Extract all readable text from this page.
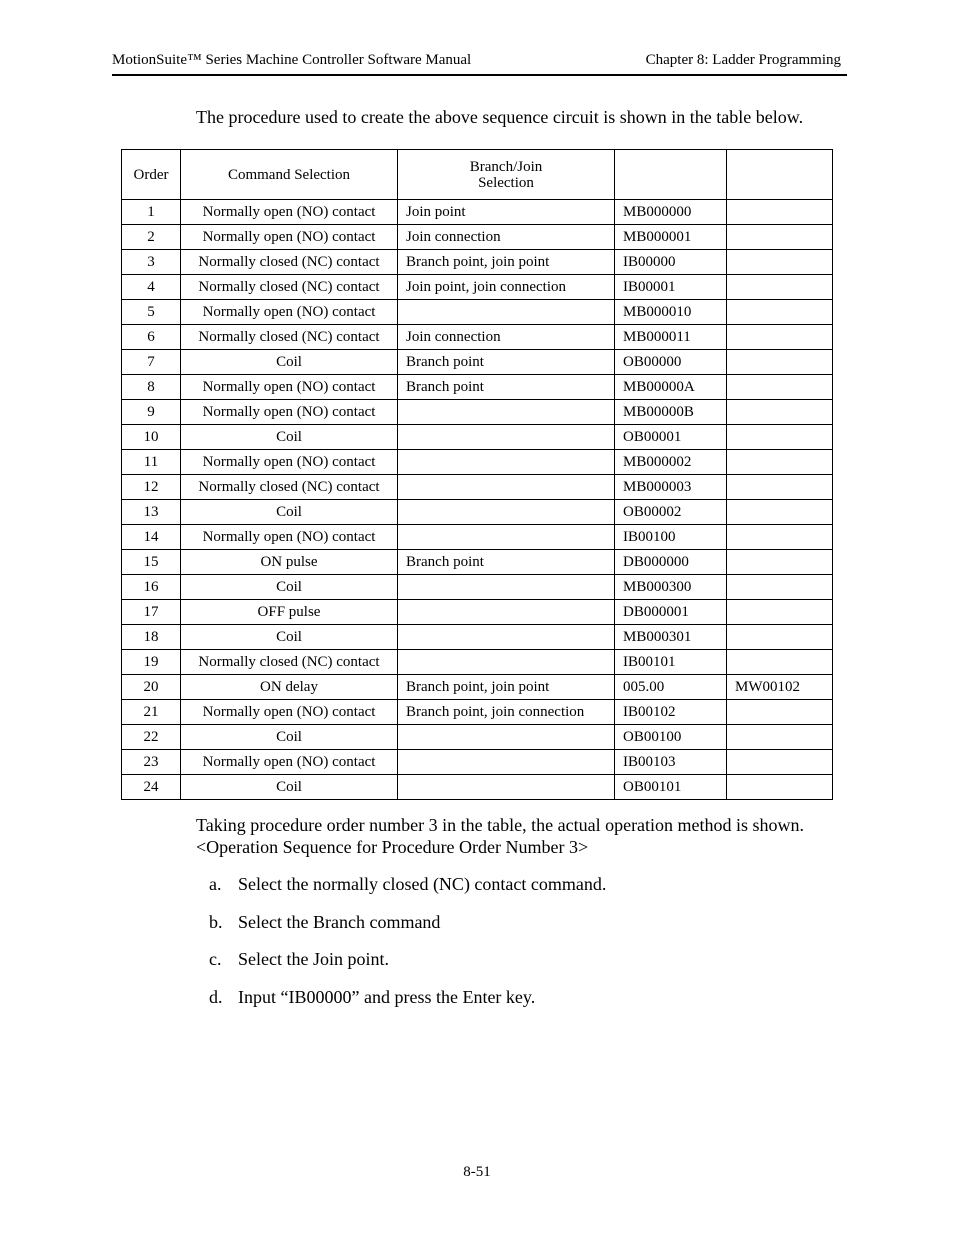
MotionSuite™ Series Machine Controller Software Manual	Chapter 8: Ladder Programming
The procedure used to create the above sequence circuit is shown in the table below.
Order	Command Selection	Branch/Join
Selection		

1	Normally open (NO) contact	Join point	MB000000	
2	Normally open (NO) contact	Join connection	MB000001	
3	Normally closed (NC) contact	Branch point, join point	IB00000	
4	Normally closed (NC) contact	Join point, join connection	IB00001	
5	Normally open (NO) contact		MB000010	
6	Normally closed (NC) contact	Join connection	MB000011	
7	Coil	Branch point	OB00000	
8	Normally open (NO) contact	Branch point	MB00000A	
9	Normally open (NO) contact		MB00000B	
10	Coil		OB00001	
11	Normally open (NO) contact		MB000002	
12	Normally closed (NC) contact		MB000003	
13	Coil		OB00002	
14	Normally open (NO) contact		IB00100	
15	ON pulse	Branch point	DB000000	
16	Coil		MB000300	
17	OFF pulse		DB000001	
18	Coil		MB000301	
19	Normally closed (NC) contact		IB00101	
20	ON delay	Branch point, join point	005.00	MW00102
21	Normally open (NO) contact	Branch point, join connection	IB00102	
22	Coil		OB00100	
23	Normally open (NO) contact		IB00103	
24	Coil		OB00101	
Taking procedure order number 3 in the table, the actual operation method is shown.
<Operation Sequence for Procedure Order Number 3>
a. Select the normally closed (NC) contact command.
b. Select the Branch command
c. Select the Join point.
d. Input “IB00000” and press the Enter key.
8-51
